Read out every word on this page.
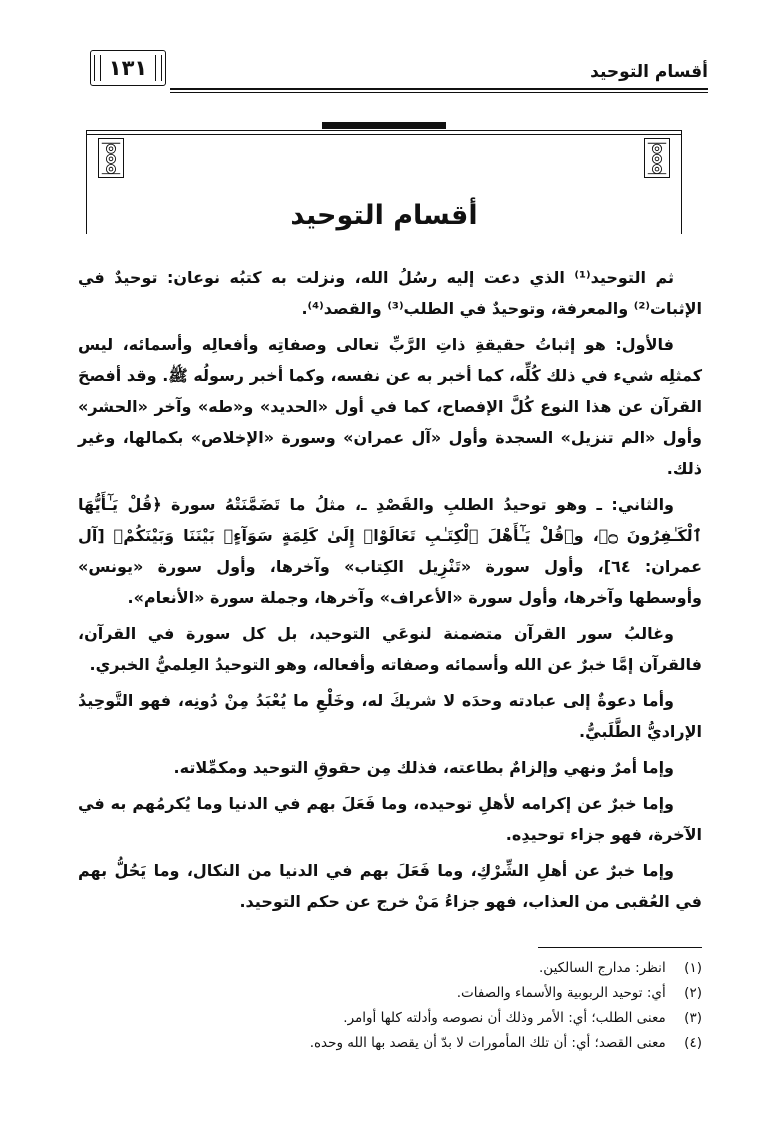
أقسام التوحيد
١٣١
أقسام التوحيد

ثم التوحيد⁽¹⁾ الذي دعت إليه رسُلُ الله، ونزلت به كتبُه نوعان: توحيدٌ في الإثبات⁽²⁾ والمعرفة، وتوحيدٌ في الطلب⁽³⁾ والقصد⁽⁴⁾.

فالأول: هو إثباتُ حقيقةِ ذاتِ الرَّبِّ تعالى وصفاتِه وأفعالِه وأسمائه، ليس كمثلِه شيء في ذلك كُلِّه، كما أخبر به عن نفسه، وكما أخبر رسولُه ﷺ. وقد أفصحَ القرآن عن هذا النوع كُلَّ الإفصاح، كما في أول «الحديد» و«طه» وآخر «الحشر» وأول «الم تنزيل» السجدة وأول «آل عمران» وسورة «الإخلاص» بكمالها، وغير ذلك.

والثاني: ـ وهو توحيدُ الطلبِ والقَصْدِ ـ، مثلُ ما تَضَمَّنَتْهُ سورة ﴿قُلْ يَـٰٓأَيُّهَا ٱلْكَـٰفِرُونَ ۝﴾، و﴿قُلْ يَـٰٓأَهْلَ ٱلْكِتَـٰبِ تَعَالَوْا۟ إِلَىٰ كَلِمَةٍ سَوَآءٍۭ بَيْنَنَا وَبَيْنَكُمْ﴾ [آل عمران: ٦٤]، وأول سورة «تَنْزِيل الكِتاب» وآخرها، وأول سورة «يونس» وأوسطها وآخرها، وأول سورة «الأعراف» وآخرها، وجملة سورة «الأنعام».

وغالبُ سور القرآن متضمنة لنوعَي التوحيد، بل كل سورة في القرآن، فالقرآن إمَّا خبرٌ عن الله وأسمائه وصفاته وأفعاله، وهو التوحيدُ العِلميُّ الخبري.

وأما دعوةٌ إلى عبادته وحدَه لا شريكَ له، وخَلْعِ ما يُعْبَدُ مِنْ دُونِه، فهو التَّوحِيدُ الإراديُّ الطَّلَبيُّ.

وإما أمرٌ ونهي وإلزامٌ بطاعته، فذلك مِن حقوقِ التوحيد ومكمِّلاته.

وإما خبرٌ عن إكرامه لأهلِ توحيده، وما فَعَلَ بهم في الدنيا وما يُكرمُهم به في الآخرة، فهو جزاء توحيدِه.

وإما خبرٌ عن أهلِ الشِّرْكِ، وما فَعَلَ بهم في الدنيا من النكال، وما يَحُلُّ بهم في العُقبى من العذاب، فهو جزاءُ مَنْ خرج عن حكم التوحيد.

(١) انظر: مدارج السالكين.
(٢) أي: توحيد الربوبية والأسماء والصفات.
(٣) معنى الطلب؛ أي: الأمر وذلك أن نصوصه وأدلته كلها أوامر.
(٤) معنى القصد؛ أي: أن تلك المأمورات لا بدّ أن يقصد بها الله وحده.
